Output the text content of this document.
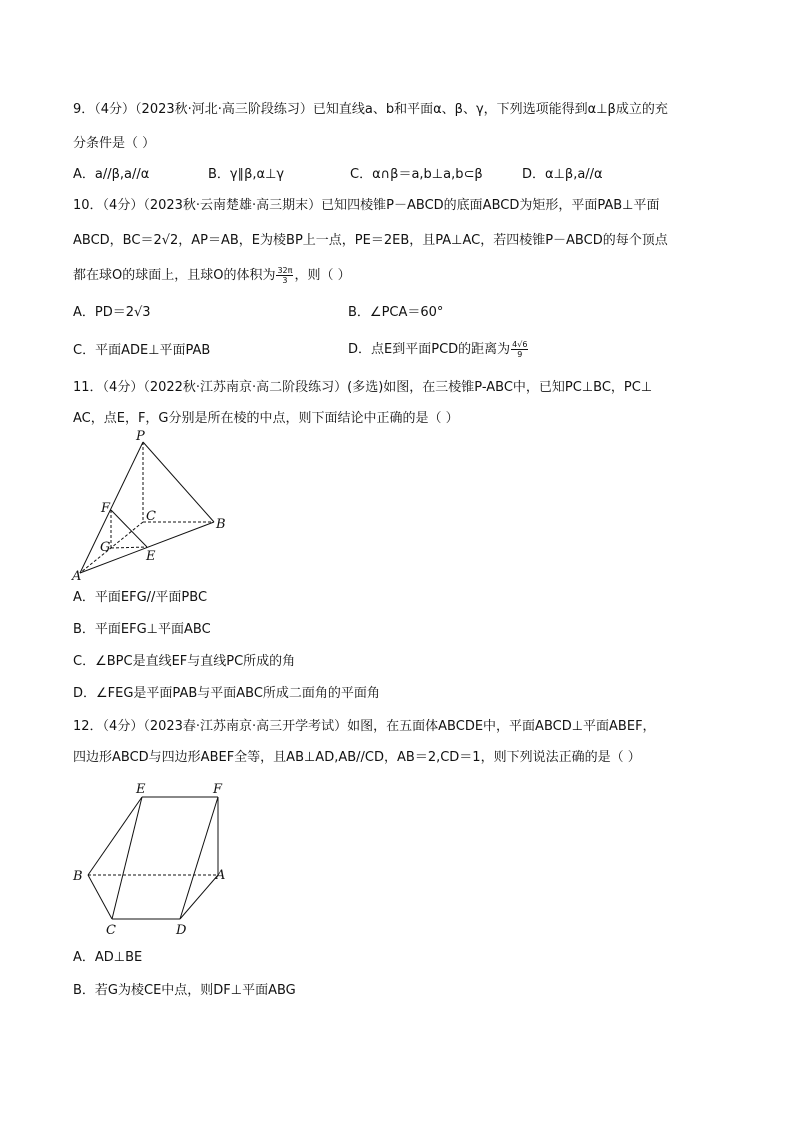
9．（4分）（2023秋·河北·高三阶段练习）已知直线a、b和平面α、β、γ，下列选项能得到α⊥β成立的充
分条件是（ ）
A．a//β,a//α	B．γ∥β,α⊥γ	C．α∩β＝a,b⊥a,b⊂β	D．α⊥β,a//α
10．（4分）（2023秋·云南楚雄·高三期末）已知四棱锥P－ABCD的底面ABCD为矩形，平面PAB⊥平面
ABCD，BC＝2√2，AP＝AB，E为棱BP上一点，PE＝2EB，且PA⊥AC，若四棱锥P－ABCD的每个顶点
都在球O的球面上，且球O的体积为 $\frac{32\pi}{3}$ ，则（ ）
A．PD＝2√3	B．∠PCA＝60°
C．平面ADE⊥平面PAB	D．点E到平面PCD的距离为 $\frac{4√6}{9}$
11．（4分）（2022秋·江苏南京·高二阶段练习）(多选)如图，在三棱锥P-ABC中，已知PC⊥BC，PC⊥
AC，点E，F，G分别是所在棱的中点，则下面结论中正确的是（ ）
P
F
C
B
G
E
A
A．平面EFG//平面PBC
B．平面EFG⊥平面ABC
C．∠BPC是直线EF与直线PC所成的角
D．∠FEG是平面PAB与平面ABC所成二面角的平面角
12．（4分）（2023春·江苏南京·高三开学考试）如图，在五面体ABCDE中，平面ABCD⊥平面ABEF，
四边形ABCD与四边形ABEF全等，且AB⊥AD,AB//CD，AB＝2,CD＝1，则下列说法正确的是（ ）
E	F
B	A
C	D
A．AD⊥BE
B．若G为棱CE中点，则DF⊥平面ABG
